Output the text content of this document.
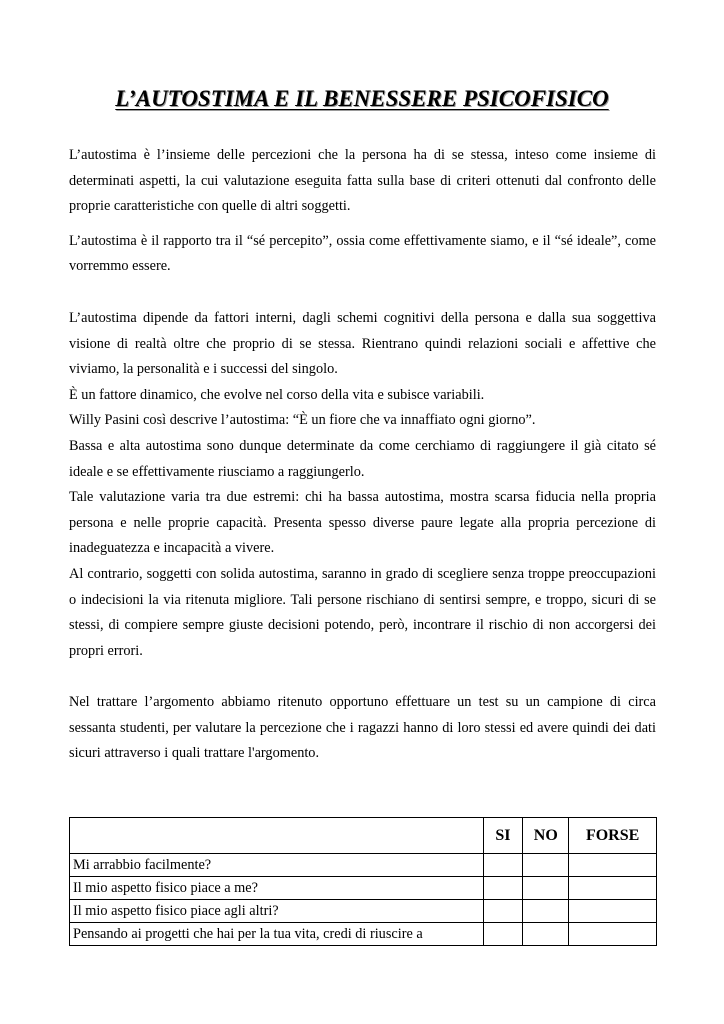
L’AUTOSTIMA E IL BENESSERE PSICOFISICO

L’autostima è l’insieme delle percezioni che la persona ha di se stessa, inteso come insieme di determinati aspetti, la cui valutazione eseguita fatta sulla base di criteri ottenuti dal confronto delle proprie caratteristiche con quelle di altri soggetti.

L’autostima è il rapporto tra il “sé percepito”, ossia come effettivamente siamo, e il “sé ideale”, come vorremmo essere.

L’autostima dipende da fattori interni, dagli schemi cognitivi della persona e dalla sua soggettiva visione di realtà oltre che proprio di se stessa. Rientrano quindi relazioni sociali e affettive che viviamo, la personalità e i successi del singolo.

È un fattore dinamico, che evolve nel corso della vita e subisce variabili.

Willy Pasini così descrive l’autostima: “È un fiore che va innaffiato ogni giorno”.

Bassa e alta autostima sono dunque determinate da come cerchiamo di raggiungere il già citato sé ideale e se effettivamente riusciamo a raggiungerlo.

Tale valutazione varia tra due estremi: chi ha bassa autostima, mostra scarsa fiducia nella propria persona e nelle proprie capacità. Presenta spesso diverse paure legate alla propria percezione di inadeguatezza e incapacità a vivere.

Al contrario, soggetti con solida autostima, saranno in grado di scegliere senza troppe preoccupazioni o indecisioni la via ritenuta migliore. Tali persone rischiano di sentirsi sempre, e troppo, sicuri di se stessi, di compiere sempre giuste decisioni potendo, però, incontrare il rischio di non accorgersi dei propri errori.

Nel trattare l’argomento abbiamo ritenuto opportuno effettuare un test su un campione di circa sessanta studenti, per valutare la percezione che i ragazzi hanno di loro stessi ed avere quindi dei dati sicuri attraverso i quali trattare l'argomento.

	SI	NO	FORSE
Mi arrabbio facilmente?			
Il mio aspetto fisico piace a me?			
Il mio aspetto fisico piace agli altri?			
Pensando ai progetti che hai per la tua vita, credi di riuscire a			
